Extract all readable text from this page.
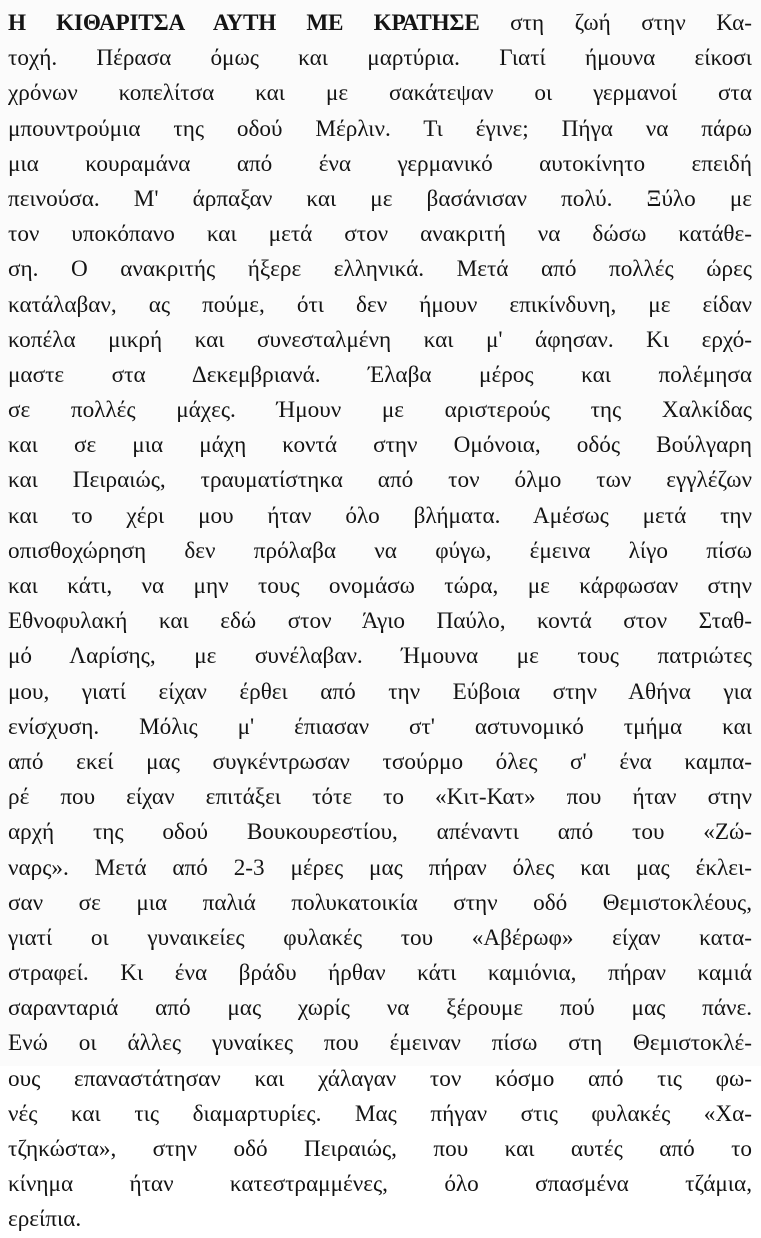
Η ΚΙΘΑΡΙΤΣΑ ΑΥΤΗ ΜΕ ΚΡΑΤΗΣΕ στη ζωή στην Κα-
τοχή. Πέρασα όμως και μαρτύρια. Γιατί ήμουνα είκοσι
χρόνων κοπελίτσα και με σακάτεψαν οι γερμανοί στα
μπουντρούμια της οδού Μέρλιν. Τι έγινε; Πήγα να πάρω
μια κουραμάνα από ένα γερμανικό αυτοκίνητο επειδή
πεινούσα. Μ' άρπαξαν και με βασάνισαν πολύ. Ξύλο με
τον υποκόπανο και μετά στον ανακριτή να δώσω κατάθε-
ση. Ο ανακριτής ήξερε ελληνικά. Μετά από πολλές ώρες
κατάλαβαν, ας πούμε, ότι δεν ήμουν επικίνδυνη, με είδαν
κοπέλα μικρή και συνεσταλμένη και μ' άφησαν. Κι ερχό-
μαστε στα Δεκεμβριανά. Έλαβα μέρος και πολέμησα
σε πολλές μάχες. Ήμουν με αριστερούς της Χαλκίδας
και σε μια μάχη κοντά στην Ομόνοια, οδός Βούλγαρη
και Πειραιώς, τραυματίστηκα από τον όλμο των εγγλέζων
και το χέρι μου ήταν όλο βλήματα. Αμέσως μετά την
οπισθοχώρηση δεν πρόλαβα να φύγω, έμεινα λίγο πίσω
και κάτι, να μην τους ονομάσω τώρα, με κάρφωσαν στην
Εθνοφυλακή και εδώ στον Άγιο Παύλο, κοντά στον Σταθ-
μό Λαρίσης, με συνέλαβαν. Ήμουνα με τους πατριώτες
μου, γιατί είχαν έρθει από την Εύβοια στην Αθήνα για
ενίσχυση. Μόλις μ' έπιασαν στ' αστυνομικό τμήμα και
από εκεί μας συγκέντρωσαν τσούρμο όλες σ' ένα καμπα-
ρέ που είχαν επιτάξει τότε το «Κιτ-Κατ» που ήταν στην
αρχή της οδού Βουκουρεστίου, απέναντι από του «Ζώ-
ναρς». Μετά από 2-3 μέρες μας πήραν όλες και μας έκλει-
σαν σε μια παλιά πολυκατοικία στην οδό Θεμιστοκλέους,
γιατί οι γυναικείες φυλακές του «Αβέρωφ» είχαν κατα-
στραφεί. Κι ένα βράδυ ήρθαν κάτι καμιόνια, πήραν καμιά
σαρανταριά από μας χωρίς να ξέρουμε πού μας πάνε.
Ενώ οι άλλες γυναίκες που έμειναν πίσω στη Θεμιστοκλέ-
ους επαναστάτησαν και χάλαγαν τον κόσμο από τις φω-
νές και τις διαμαρτυρίες. Μας πήγαν στις φυλακές «Χα-
τζηκώστα», στην οδό Πειραιώς, που και αυτές από το
κίνημα ήταν κατεστραμμένες, όλο σπασμένα τζάμια,
ερείπια.
